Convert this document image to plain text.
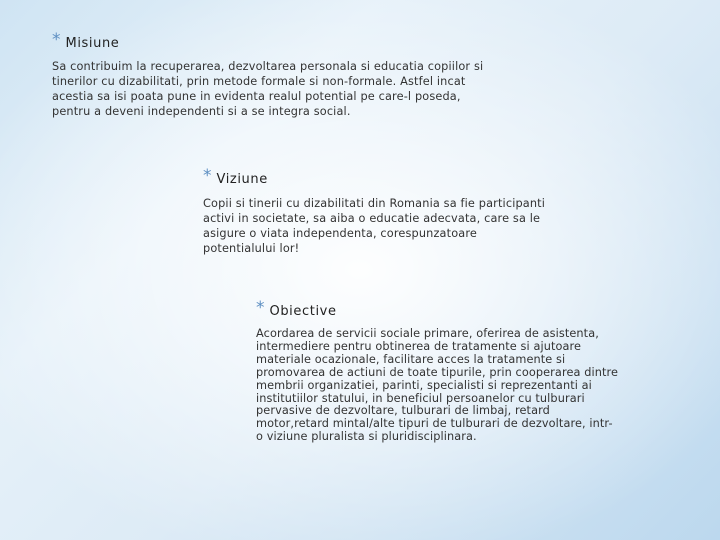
* Misiune

Sa contribuim la recuperarea, dezvoltarea personala si educatia copiilor si
tinerilor cu dizabilitati, prin metode formale si non-formale. Astfel incat
acestia sa isi poata pune in evidenta realul potential pe care-l poseda,
pentru a deveni independenti si a se integra social.

* Viziune

Copii si tinerii cu dizabilitati din Romania sa fie participanti
activi in societate, sa aiba o educatie adecvata, care sa le
asigure o viata independenta, corespunzatoare
potentialului lor!

* Obiective

Acordarea de servicii sociale primare, oferirea de asistenta,
intermediere pentru obtinerea de tratamente si ajutoare
materiale ocazionale, facilitare acces la tratamente si
promovarea de actiuni de toate tipurile, prin cooperarea dintre
membrii organizatiei, parinti, specialisti si reprezentanti ai
institutiilor statului, in beneficiul persoanelor cu tulburari
pervasive de dezvoltare, tulburari de limbaj, retard
motor,retard mintal/alte tipuri de tulburari de dezvoltare, intr-
o viziune pluralista si pluridisciplinara.
